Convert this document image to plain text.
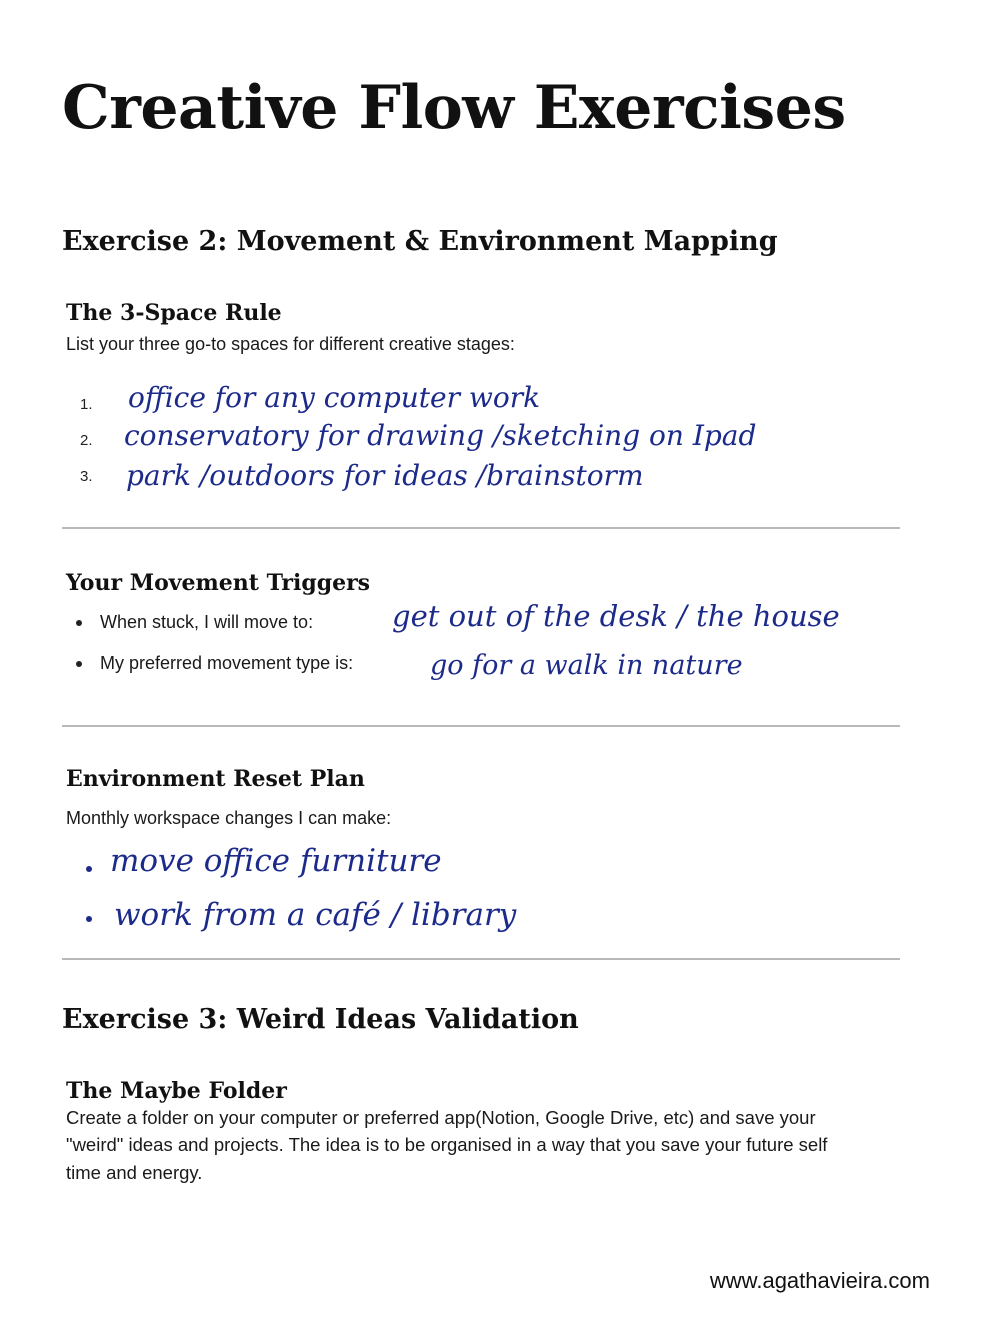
Creative Flow Exercises
Exercise 2: Movement & Environment Mapping
The 3-Space Rule
List your three go-to spaces for different creative stages:
1. office for any computer work
2. conservatory for drawing /sketching on Ipad
3. park /outdoors for ideas /brainstorm
Your Movement Triggers
When stuck, I will move to:	get out of the desk / the house
My preferred movement type is:	go for a walk in nature
Environment Reset Plan
Monthly workspace changes I can make:
move office furniture
work from a café / library
Exercise 3: Weird Ideas Validation
The Maybe Folder
Create a folder on your computer or preferred app(Notion, Google Drive, etc) and save your "weird" ideas and projects. The idea is to be organised in a way that you save your future self time and energy.
www.agathavieira.com
